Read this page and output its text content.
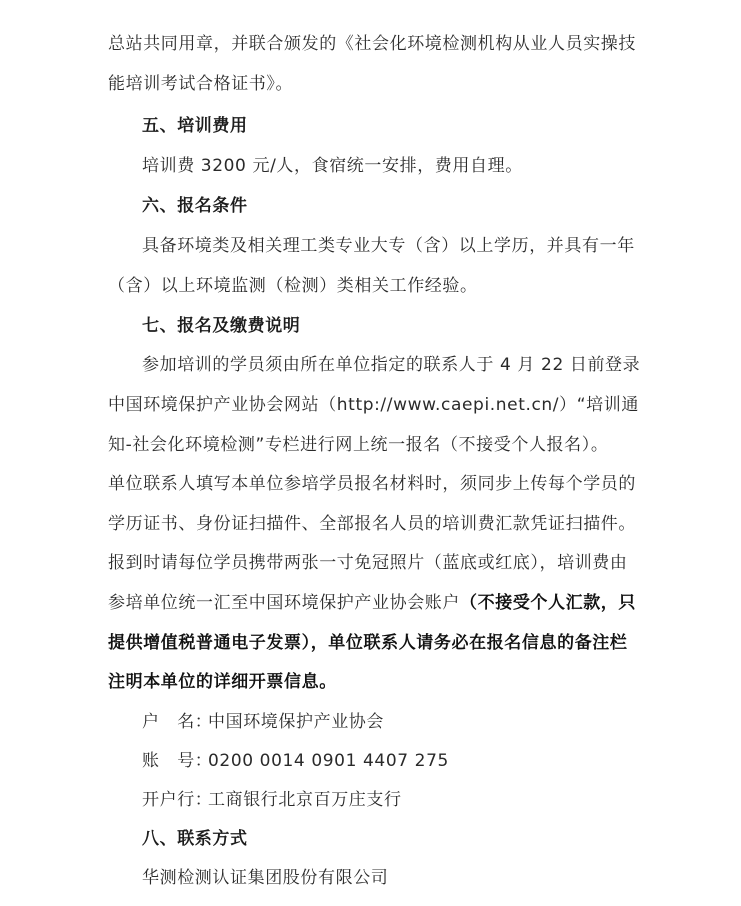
总站共同用章，并联合颁发的《社会化环境检测机构从业人员实操技
能培训考试合格证书》。
五、培训费用
培训费 3200 元/人，食宿统一安排，费用自理。
六、报名条件
具备环境类及相关理工类专业大专（含）以上学历，并具有一年
（含）以上环境监测（检测）类相关工作经验。
七、报名及缴费说明
参加培训的学员须由所在单位指定的联系人于 4 月 22 日前登录
中国环境保护产业协会网站（http://www.caepi.net.cn/）“培训通
知-社会化环境检测”专栏进行网上统一报名（不接受个人报名）。
单位联系人填写本单位参培学员报名材料时，须同步上传每个学员的
学历证书、身份证扫描件、全部报名人员的培训费汇款凭证扫描件。
报到时请每位学员携带两张一寸免冠照片（蓝底或红底），培训费由
参培单位统一汇至中国环境保护产业协会账户（不接受个人汇款，只
提供增值税普通电子发票），单位联系人请务必在报名信息的备注栏
注明本单位的详细开票信息。
户　名：中国环境保护产业协会
账　号：0200 0014 0901 4407 275
开户行：工商银行北京百万庄支行
八、联系方式
华测检测认证集团股份有限公司
